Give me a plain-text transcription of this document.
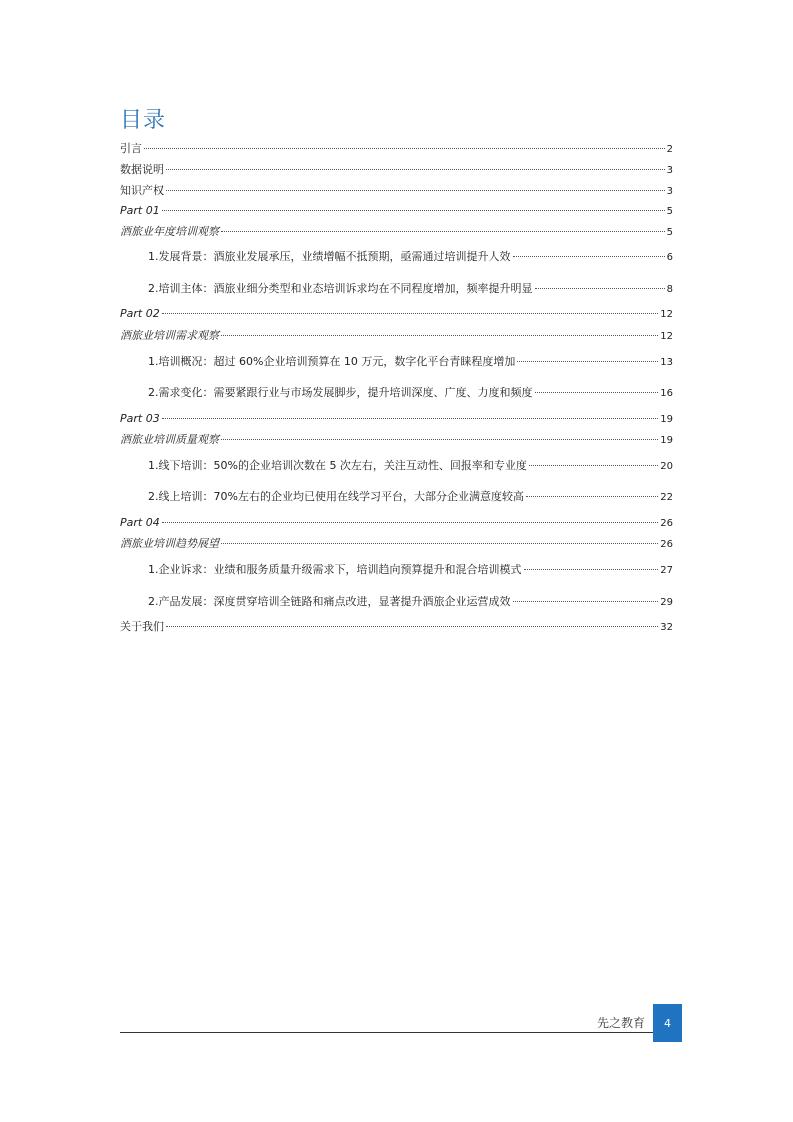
目录
引言	2
数据说明	3
知识产权	3
Part 01	5
酒旅业年度培训观察	5
1.发展背景：酒旅业发展承压，业绩增幅不抵预期，亟需通过培训提升人效	6
2.培训主体：酒旅业细分类型和业态培训诉求均在不同程度增加，频率提升明显	8
Part 02	12
酒旅业培训需求观察	12
1.培训概况：超过 60%企业培训预算在 10 万元，数字化平台青睐程度增加	13
2.需求变化：需要紧跟行业与市场发展脚步，提升培训深度、广度、力度和频度	16
Part 03	19
酒旅业培训质量观察	19
1.线下培训：50%的企业培训次数在 5 次左右，关注互动性、回报率和专业度	20
2.线上培训：70%左右的企业均已使用在线学习平台，大部分企业满意度较高	22
Part 04	26
酒旅业培训趋势展望	26
1.企业诉求：业绩和服务质量升级需求下，培训趋向预算提升和混合培训模式	27
2.产品发展：深度贯穿培训全链路和痛点改进，显著提升酒旅企业运营成效	29
关于我们	32
先之教育	4
